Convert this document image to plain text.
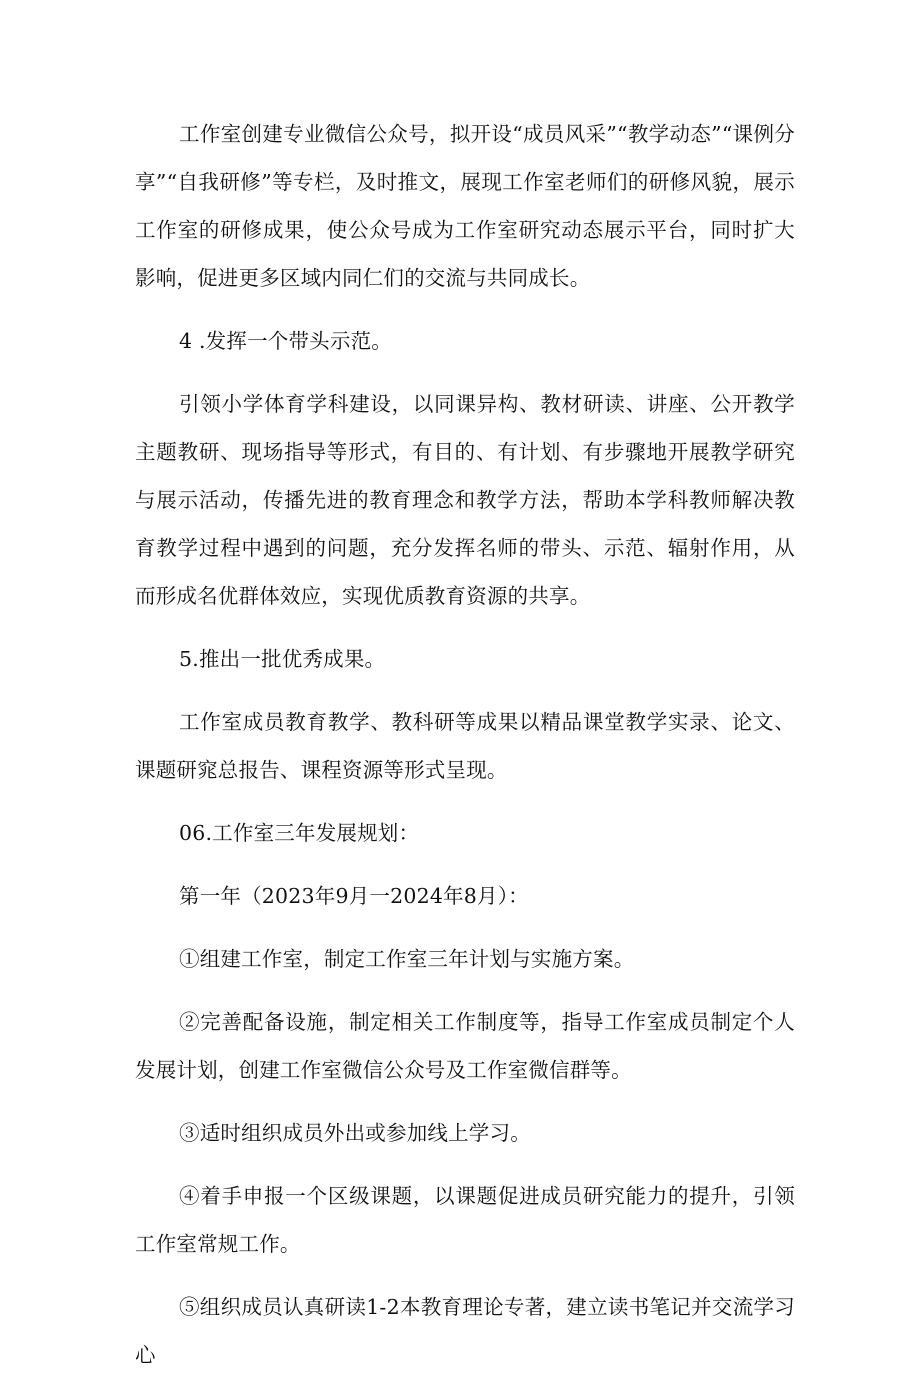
工作室创建专业微信公众号，拟开设“成员风采”“教学动态”“课例分享”“自我研修”等专栏，及时推文，展现工作室老师们的研修风貌，展示工作室的研修成果，使公众号成为工作室研究动态展示平台，同时扩大影响，促进更多区域内同仁们的交流与共同成长。

4 .发挥一个带头示范。

引领小学体育学科建设，以同课异构、教材研读、讲座、公开教学主题教研、现场指导等形式，有目的、有计划、有步骤地开展教学研究与展示活动，传播先进的教育理念和教学方法，帮助本学科教师解决教育教学过程中遇到的问题，充分发挥名师的带头、示范、辐射作用，从而形成名优群体效应，实现优质教育资源的共享。

5.推出一批优秀成果。

工作室成员教育教学、教科研等成果以精品课堂教学实录、论文、课题研窕总报告、课程资源等形式呈现。

06.工作室三年发展规划：

第一年（2023年9月一2024年8月）：

①组建工作室，制定工作室三年计划与实施方案。

②完善配备设施，制定相关工作制度等，指导工作室成员制定个人发展计划，创建工作室微信公众号及工作室微信群等。

③适时组织成员外出或参加线上学习。

④着手申报一个区级课题，以课题促进成员研究能力的提升，引领工作室常规工作。

⑤组织成员认真研读1-2本教育理论专著，建立读书笔记并交流学习心
